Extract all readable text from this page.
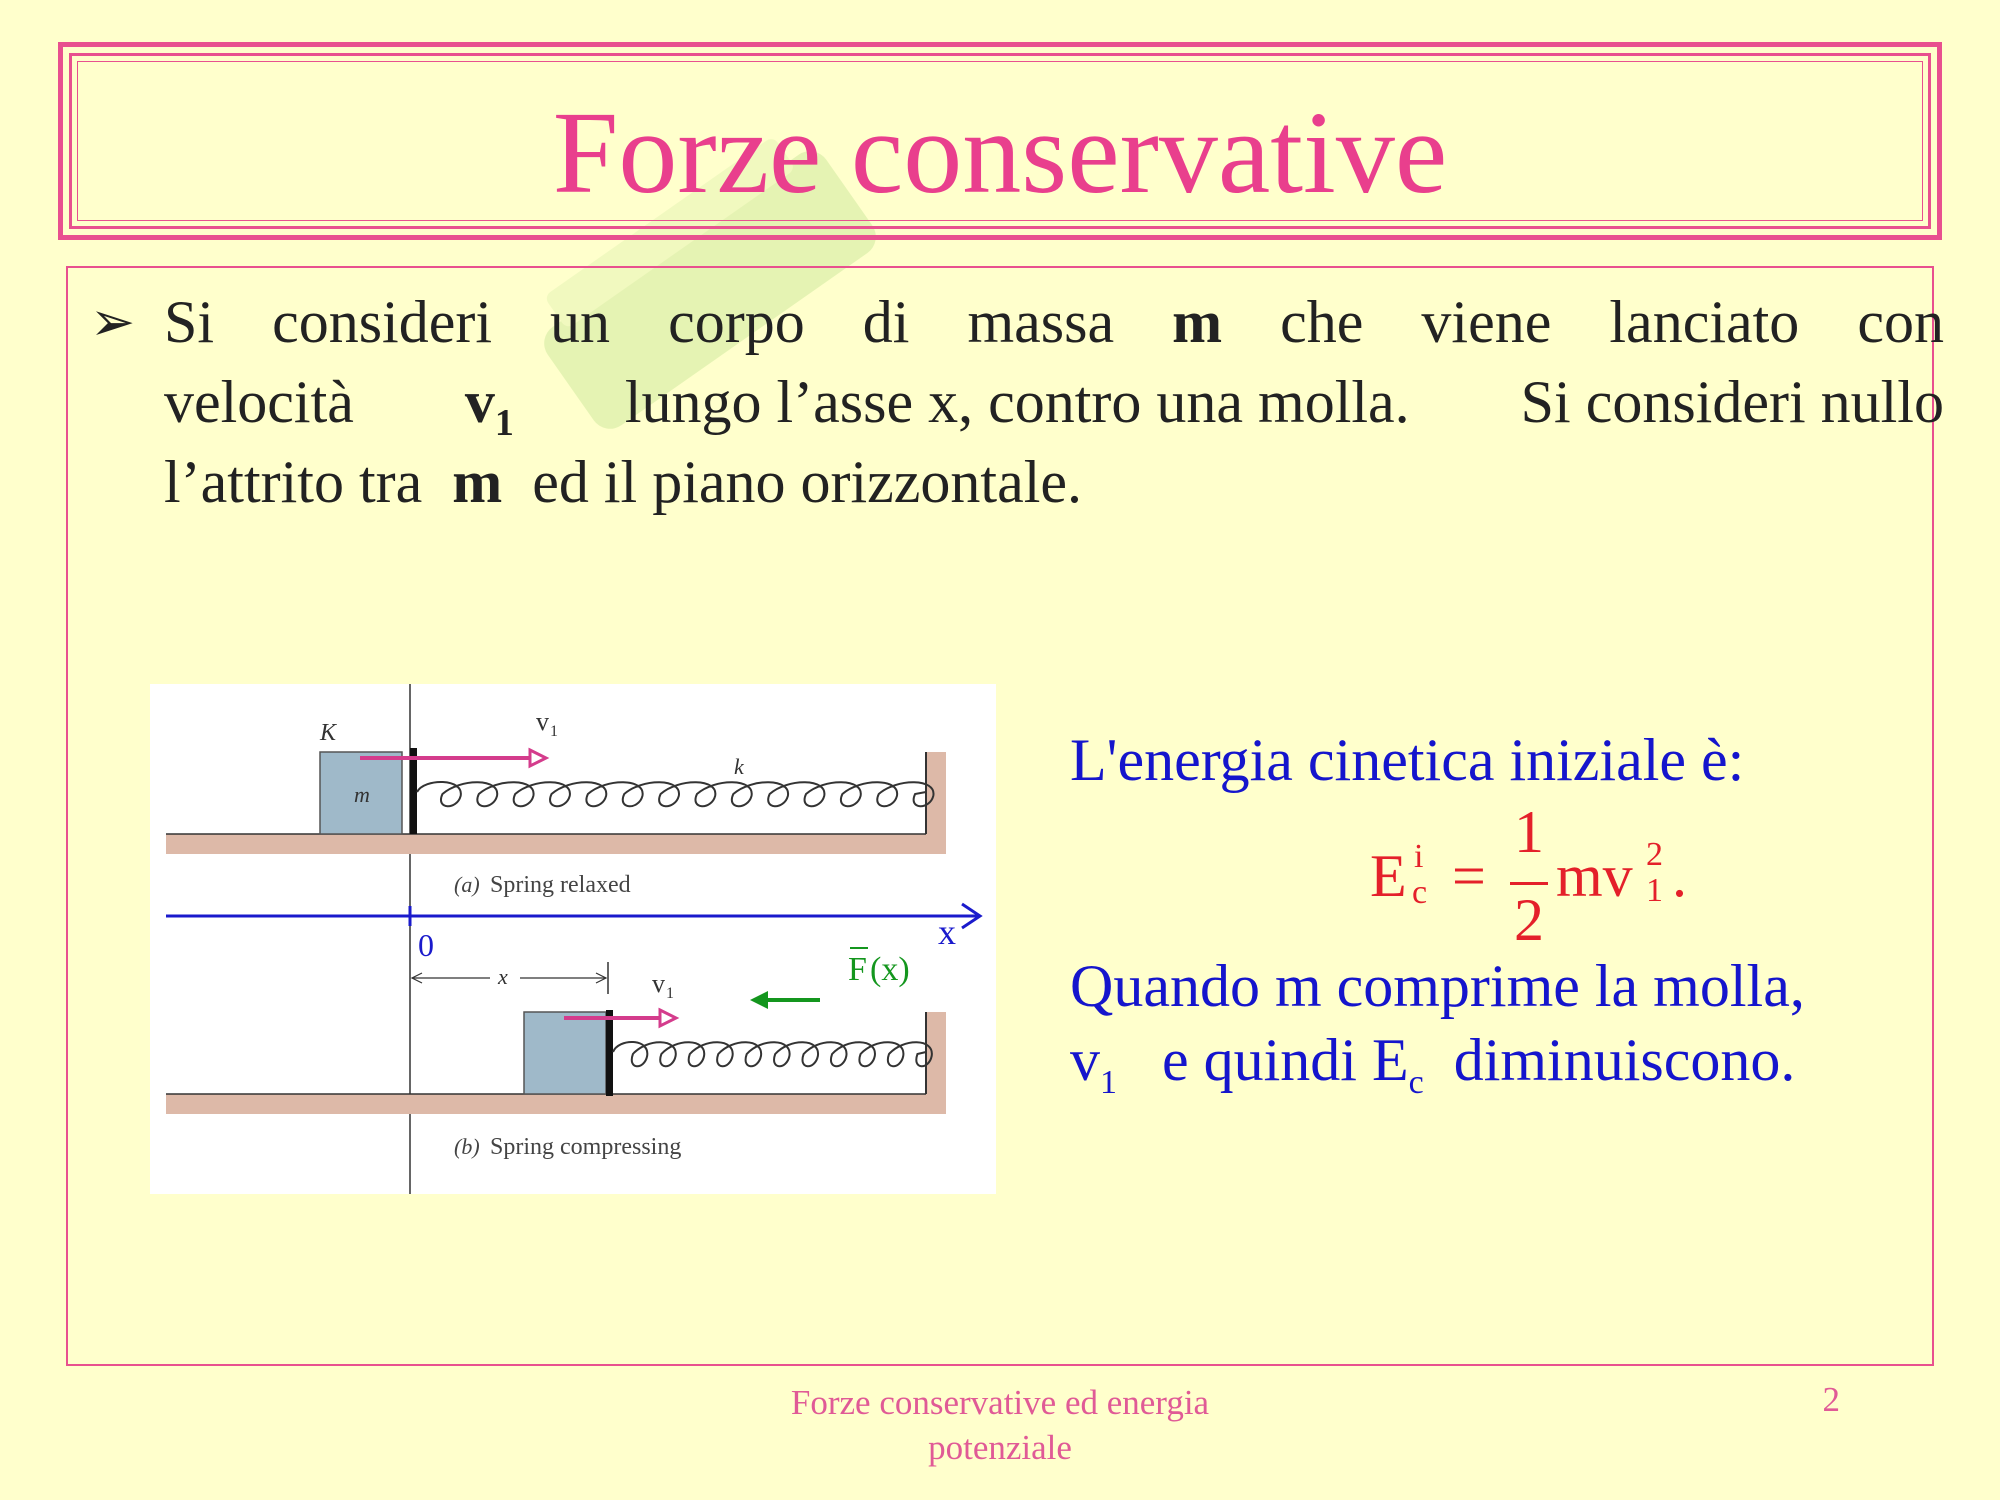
Forze conservative
➢ Si consideri un corpo di massa m che viene lanciato con
velocità $v_1$ lungo l’asse x, contro una molla. Si consideri nullo
l’attrito tra m ed il piano orizzontale.
K
m
v 1
k
(a) Spring relaxed
0	x
x	v 1
F (x)
(b) Spring compressing
L'energia cinetica iniziale è:
E i
c =
1
2
mv 2
1 .
Quando m comprime la molla,
$v_1$ e quindi $E_c$ diminuiscono.
Forze conservative ed energia
potenziale
2
